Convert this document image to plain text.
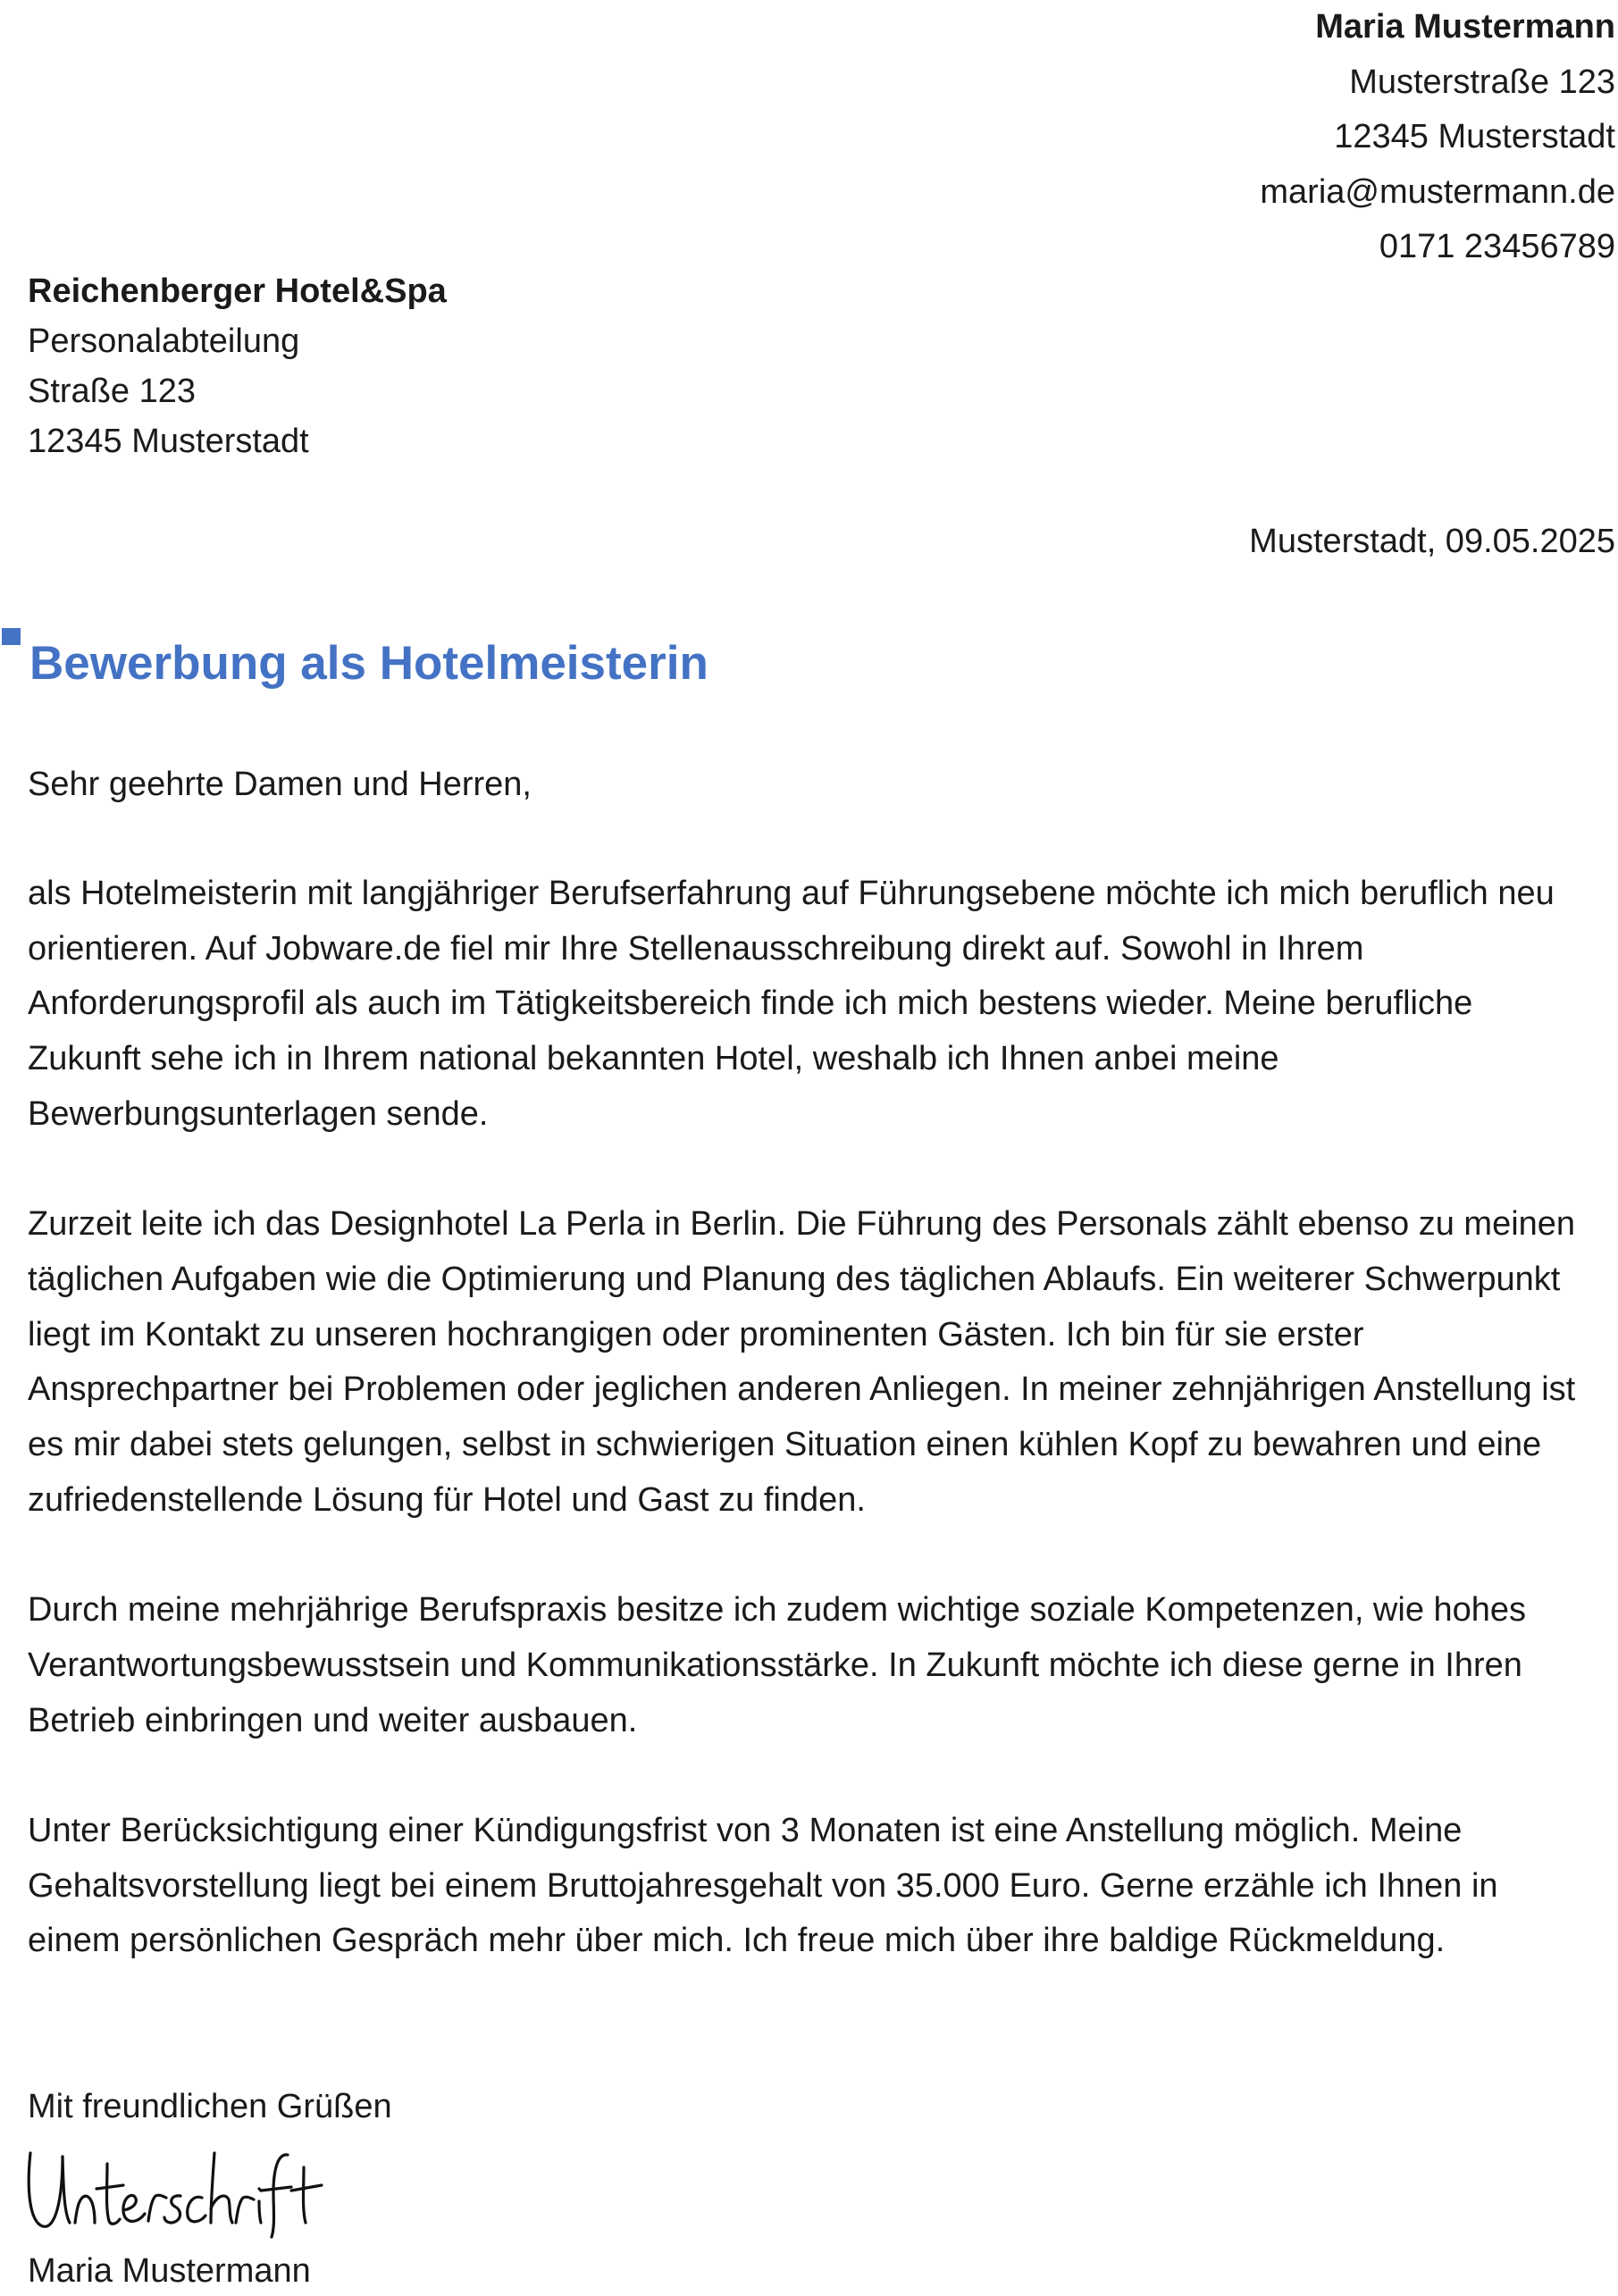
Maria Mustermann
Musterstraße 123
12345 Musterstadt
maria@mustermann.de
0171 23456789
Reichenberger Hotel&Spa
Personalabteilung
Straße 123
12345 Musterstadt
Musterstadt, 09.05.2025
Bewerbung als Hotelmeisterin
Sehr geehrte Damen und Herren,

als Hotelmeisterin mit langjähriger Berufserfahrung auf Führungsebene möchte ich mich beruflich neu orientieren. Auf Jobware.de fiel mir Ihre Stellenausschreibung direkt auf. Sowohl in Ihrem Anforderungsprofil als auch im Tätigkeitsbereich finde ich mich bestens wieder. Meine berufliche Zukunft sehe ich in Ihrem national bekannten Hotel, weshalb ich Ihnen anbei meine Bewerbungsunterlagen sende.

Zurzeit leite ich das Designhotel La Perla in Berlin. Die Führung des Personals zählt ebenso zu meinen täglichen Aufgaben wie die Optimierung und Planung des täglichen Ablaufs. Ein weiterer Schwerpunkt liegt im Kontakt zu unseren hochrangigen oder prominenten Gästen. Ich bin für sie erster Ansprechpartner bei Problemen oder jeglichen anderen Anliegen. In meiner zehnjährigen Anstellung ist es mir dabei stets gelungen, selbst in schwierigen Situation einen kühlen Kopf zu bewahren und eine zufriedenstellende Lösung für Hotel und Gast zu finden.

Durch meine mehrjährige Berufspraxis besitze ich zudem wichtige soziale Kompetenzen, wie hohes Verantwortungsbewusstsein und Kommunikationsstärke. In Zukunft möchte ich diese gerne in Ihren Betrieb einbringen und weiter ausbauen.

Unter Berücksichtigung einer Kündigungsfrist von 3 Monaten ist eine Anstellung möglich. Meine Gehaltsvorstellung liegt bei einem Bruttojahresgehalt von 35.000 Euro. Gerne erzähle ich Ihnen in einem persönlichen Gespräch mehr über mich. Ich freue mich über ihre baldige Rückmeldung.

Mit freundlichen Grüßen
Maria Mustermann
